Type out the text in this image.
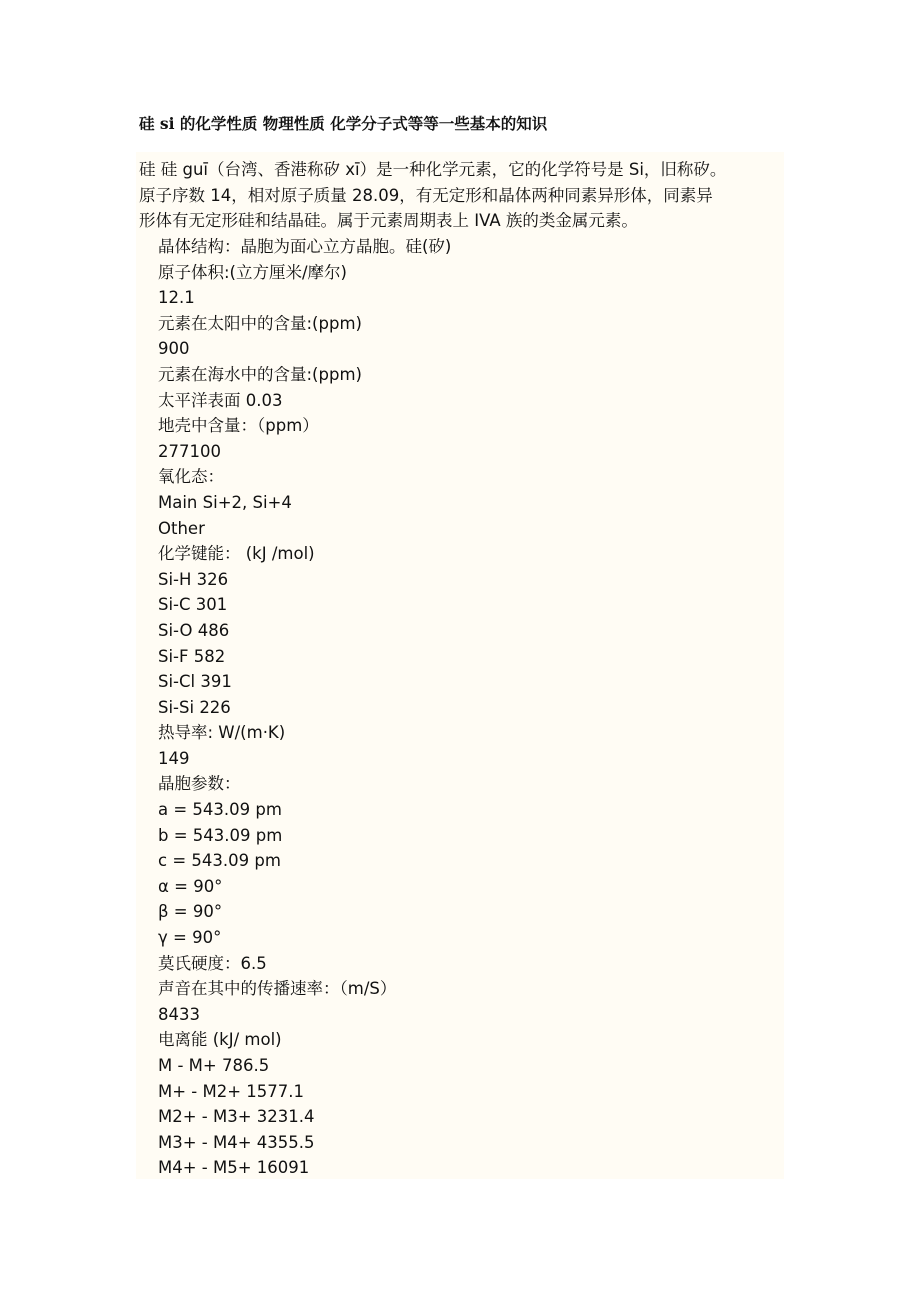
硅 si 的化学性质 物理性质 化学分子式等等一些基本的知识

硅 硅 guī（台湾、香港称矽 xī）是一种化学元素，它的化学符号是 Si，旧称矽。
原子序数 14，相对原子质量 28.09，有无定形和晶体两种同素异形体，同素异
形体有无定形硅和结晶硅。属于元素周期表上 IVA 族的类金属元素。

晶体结构：晶胞为面心立方晶胞。硅(矽)
原子体积:(立方厘米/摩尔)
12.1
元素在太阳中的含量:(ppm)
900
元素在海水中的含量:(ppm)
太平洋表面 0.03
地壳中含量：（ppm）
277100
氧化态：
Main Si+2, Si+4
Other
化学键能： (kJ /mol)
Si-H 326
Si-C 301
Si-O 486
Si-F 582
Si-Cl 391
Si-Si 226
热导率: W/(m·K)
149
晶胞参数：
a = 543.09 pm
b = 543.09 pm
c = 543.09 pm
α = 90°
β = 90°
γ = 90°
莫氏硬度：6.5
声音在其中的传播速率：（m/S）
8433
电离能 (kJ/ mol)
M - M+ 786.5
M+ - M2+ 1577.1
M2+ - M3+ 3231.4
M3+ - M4+ 4355.5
M4+ - M5+ 16091
